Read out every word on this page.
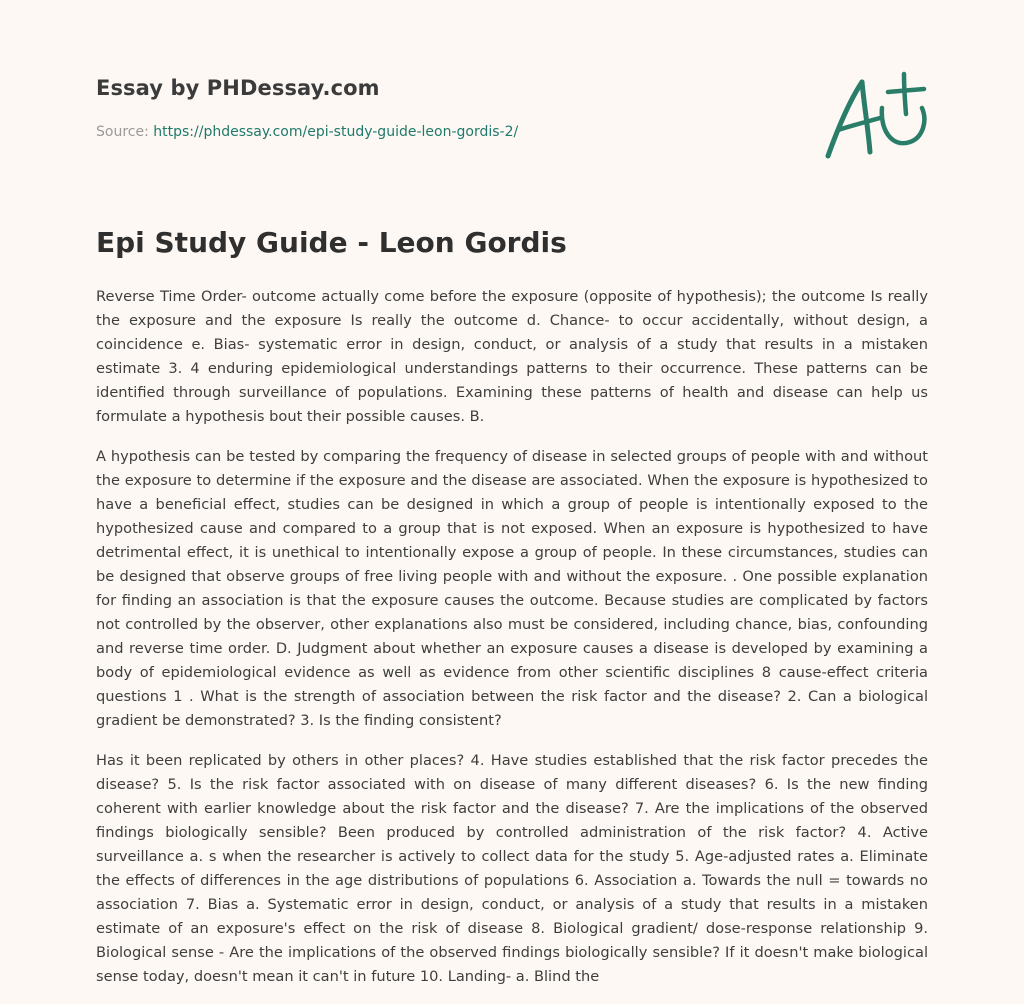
Essay by PHDessay.com
Source: https://phdessay.com/epi-study-guide-leon-gordis-2/
Epi Study Guide - Leon Gordis

Reverse Time Order- outcome actually come before the exposure (opposite of hypothesis); the outcome Is really the exposure and the exposure Is really the outcome d. Chance- to occur accidentally, without design, a coincidence e. Bias- systematic error in design, conduct, or analysis of a study that results in a mistaken estimate 3. 4 enduring epidemiological understandings patterns to their occurrence. These patterns can be identified through surveillance of populations. Examining these patterns of health and disease can help us formulate a hypothesis bout their possible causes. B.

A hypothesis can be tested by comparing the frequency of disease in selected groups of people with and without the exposure to determine if the exposure and the disease are associated. When the exposure is hypothesized to have a beneficial effect, studies can be designed in which a group of people is intentionally exposed to the hypothesized cause and compared to a group that is not exposed. When an exposure is hypothesized to have detrimental effect, it is unethical to intentionally expose a group of people. In these circumstances, studies can be designed that observe groups of free living people with and without the exposure. . One possible explanation for finding an association is that the exposure causes the outcome. Because studies are complicated by factors not controlled by the observer, other explanations also must be considered, including chance, bias, confounding and reverse time order. D. Judgment about whether an exposure causes a disease is developed by examining a body of epidemiological evidence as well as evidence from other scientific disciplines 8 cause-effect criteria questions 1 . What is the strength of association between the risk factor and the disease? 2. Can a biological gradient be demonstrated? 3. Is the finding consistent?

Has it been replicated by others in other places? 4. Have studies established that the risk factor precedes the disease? 5. Is the risk factor associated with on disease of many different diseases? 6. Is the new finding coherent with earlier knowledge about the risk factor and the disease? 7. Are the implications of the observed findings biologically sensible? Been produced by controlled administration of the risk factor? 4. Active surveillance a. s when the researcher is actively to collect data for the study 5. Age-adjusted rates a. Eliminate the effects of differences in the age distributions of populations 6. Association a. Towards the null = towards no association 7. Bias a. Systematic error in design, conduct, or analysis of a study that results in a mistaken estimate of an exposure's effect on the risk of disease 8. Biological gradient/ dose-response relationship 9. Biological sense - Are the implications of the observed findings biologically sensible? If it doesn't make biological sense today, doesn't mean it can't in future 10. Landing- a. Blind the
